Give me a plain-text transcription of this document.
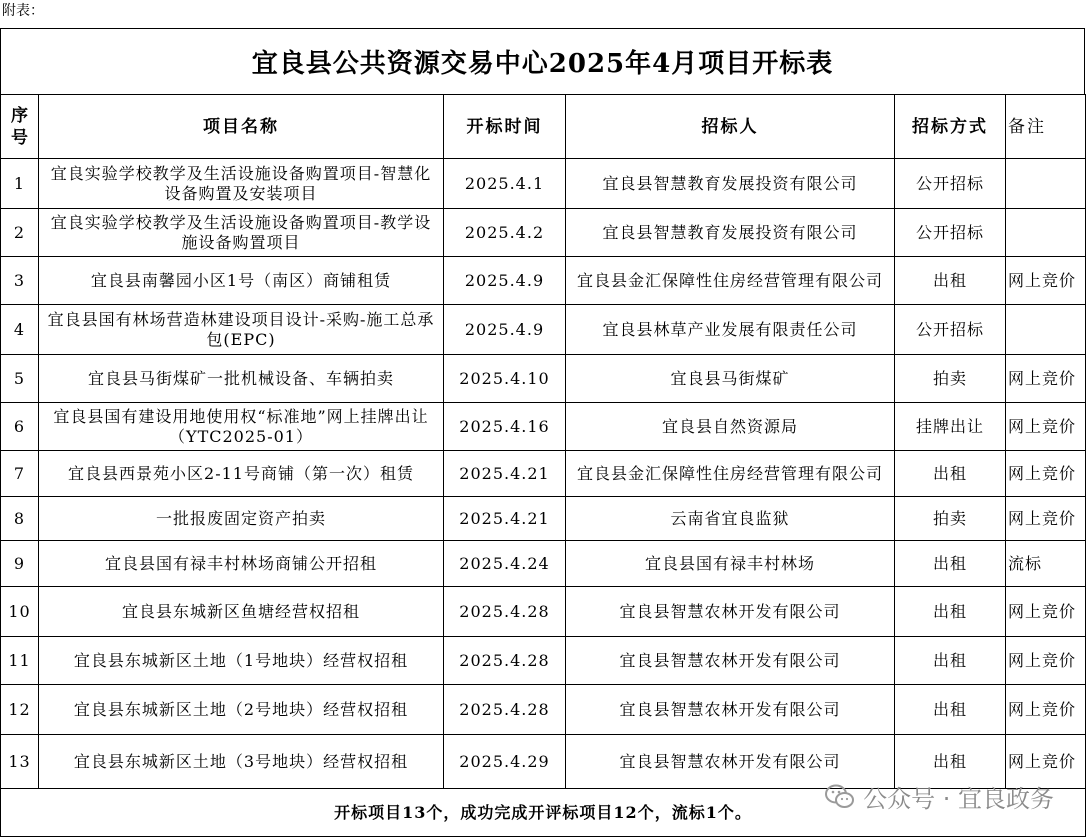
附表：
宜良县公共资源交易中心2025年4月项目开标表
序号	项目名称	开标时间	招标人	招标方式	备注
1	宜良实验学校教学及生活设施设备购置项目-智慧化设备购置及安装项目	2025.4.1	宜良县智慧教育发展投资有限公司	公开招标	
2	宜良实验学校教学及生活设施设备购置项目-教学设施设备购置项目	2025.4.2	宜良县智慧教育发展投资有限公司	公开招标	
3	宜良县南馨园小区1号（南区）商铺租赁	2025.4.9	宜良县金汇保障性住房经营管理有限公司	出租	网上竞价
4	宜良县国有林场营造林建设项目设计-采购-施工总承包(EPC)	2025.4.9	宜良县林草产业发展有限责任公司	公开招标	
5	宜良县马街煤矿一批机械设备、车辆拍卖	2025.4.10	宜良县马街煤矿	拍卖	网上竞价
6	宜良县国有建设用地使用权“标准地”网上挂牌出让（YTC2025-01）	2025.4.16	宜良县自然资源局	挂牌出让	网上竞价
7	宜良县西景苑小区2-11号商铺（第一次）租赁	2025.4.21	宜良县金汇保障性住房经营管理有限公司	出租	网上竞价
8	一批报废固定资产拍卖	2025.4.21	云南省宜良监狱	拍卖	网上竞价
9	宜良县国有禄丰村林场商铺公开招租	2025.4.24	宜良县国有禄丰村林场	出租	流标
10	宜良县东城新区鱼塘经营权招租	2025.4.28	宜良县智慧农林开发有限公司	出租	网上竞价
11	宜良县东城新区土地（1号地块）经营权招租	2025.4.28	宜良县智慧农林开发有限公司	出租	网上竞价
12	宜良县东城新区土地（2号地块）经营权招租	2025.4.28	宜良县智慧农林开发有限公司	出租	网上竞价
13	宜良县东城新区土地（3号地块）经营权招租	2025.4.29	宜良县智慧农林开发有限公司	出租	网上竞价
开标项目13个，成功完成开评标项目12个，流标1个。						公众号 · 宜良政务
